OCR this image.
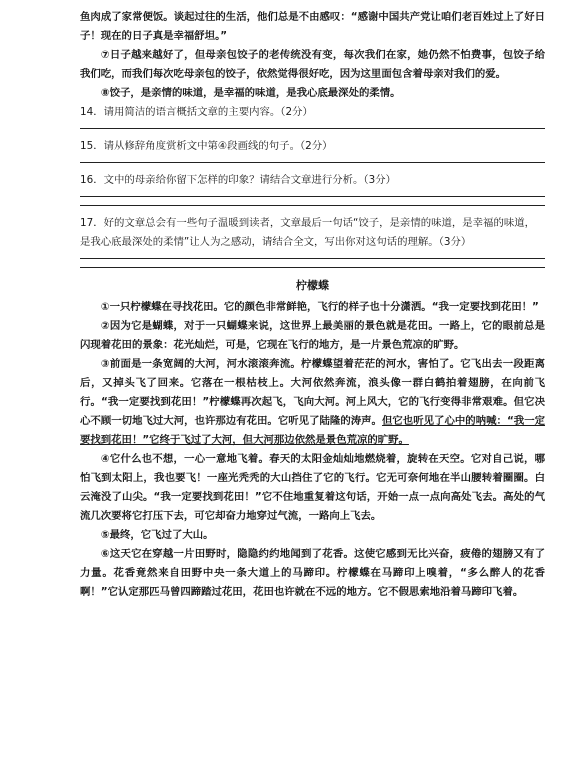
鱼肉成了家常便饭。谈起过往的生活，他们总是不由感叹：“感谢中国共产党让咱们老百姓过上了好日子！现在的日子真是幸福舒坦。”

⑦日子越来越好了，但母亲包饺子的老传统没有变，每次我们在家，她仍然不怕费事，包饺子给我们吃，而我们每次吃母亲包的饺子，依然觉得很好吃，因为这里面包含着母亲对我们的爱。

⑧饺子，是亲情的味道，是幸福的味道，是我心底最深处的柔情。

14．请用简洁的语言概括文章的主要内容。（2分）

15．请从修辞角度赏析文中第④段画线的句子。（2分）

16．文中的母亲给你留下怎样的印象？请结合文章进行分析。（3分）

17．好的文章总会有一些句子温暖到读者，文章最后一句话“饺子，是亲情的味道，是幸福的味道，是我心底最深处的柔情”让人为之感动，请结合全文，写出你对这句话的理解。（3分）

柠檬蝶

①一只柠檬蝶在寻找花田。它的颜色非常鲜艳，飞行的样子也十分潇洒。“我一定要找到花田！”

②因为它是蝴蝶，对于一只蝴蝶来说，这世界上最美丽的景色就是花田。一路上，它的眼前总是闪现着花田的景象：花光灿烂，可是，它现在飞行的地方，是一片景色荒凉的旷野。

③前面是一条宽阔的大河，河水滚滚奔流。柠檬蝶望着茫茫的河水，害怕了。它飞出去一段距离后，又掉头飞了回来。它落在一根枯枝上。大河依然奔流，浪头像一群白鹤拍着翅膀，在向前飞行。“我一定要找到花田！”柠檬蝶再次起飞，飞向大河。河上风大，它的飞行变得非常艰难。但它决心不顾一切地飞过大河，也许那边有花田。它听见了陆隆的涛声。但它也听见了心中的呐喊：“我一定要找到花田！”它终于飞过了大河，但大河那边依然是景色荒凉的旷野。

④它什么也不想，一心一意地飞着。春天的太阳金灿灿地燃烧着，旋转在天空。它对自己说，哪怕飞到太阳上，我也要飞！一座光秃秃的大山挡住了它的飞行。它无可奈何地在半山腰转着圈圈。白云淹没了山尖。“我一定要找到花田！”它不住地重复着这句话，开始一点一点向高处飞去。高处的气流几次要将它打压下去，可它却奋力地穿过气流，一路向上飞去。

⑤最终，它飞过了大山。

⑥这天它在穿越一片田野时，隐隐约约地闻到了花香。这使它感到无比兴奋，疲倦的翅膀又有了力量。花香竟然来自田野中央一条大道上的马蹄印。柠檬蝶在马蹄印上嗅着，“多么醉人的花香啊！”它认定那匹马曾四蹄踏过花田，花田也许就在不远的地方。它不假思索地沿着马蹄印飞着。
